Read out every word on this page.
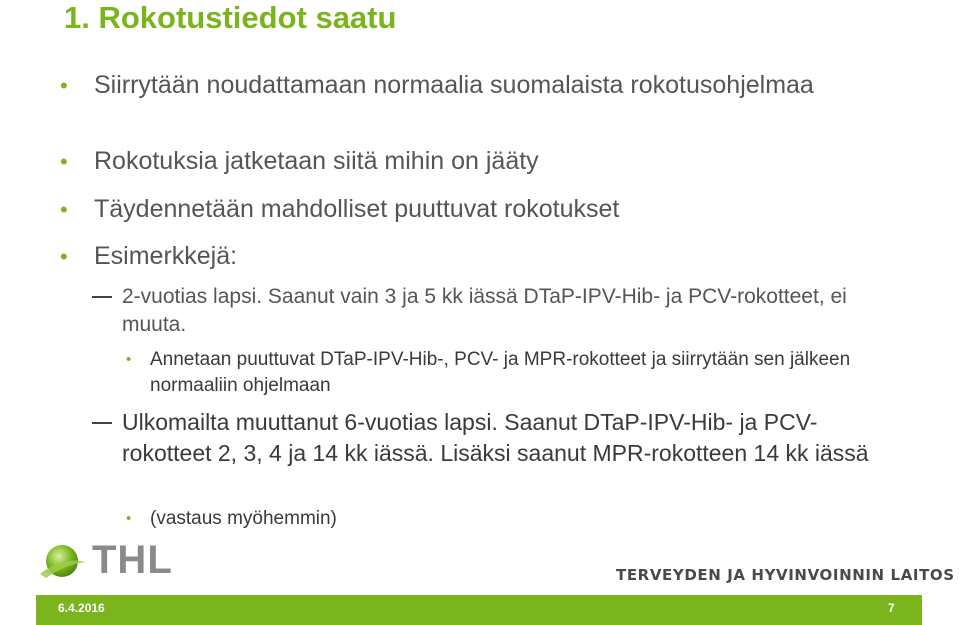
1. Rokotustiedot saatu
• Siirrytään noudattamaan normaalia suomalaista rokotusohjelmaa
• Rokotuksia jatketaan siitä mihin on jääty
• Täydennetään mahdolliset puuttuvat rokotukset
• Esimerkkejä:
2-vuotias lapsi. Saanut vain 3 ja 5 kk iässä DTaP-IPV-Hib- ja PCV-rokotteet, ei muuta.
• Annetaan puuttuvat DTaP-IPV-Hib-, PCV- ja MPR-rokotteet ja siirrytään sen jälkeen normaaliin ohjelmaan
Ulkomailta muuttanut 6-vuotias lapsi. Saanut DTaP-IPV-Hib- ja PCV-rokotteet 2, 3, 4 ja 14 kk iässä. Lisäksi saanut MPR-rokotteen 14 kk iässä
• (vastaus myöhemmin)
THL	TERVEYDEN JA HYVINVOINNIN LAITOS
6.4.2016	7
